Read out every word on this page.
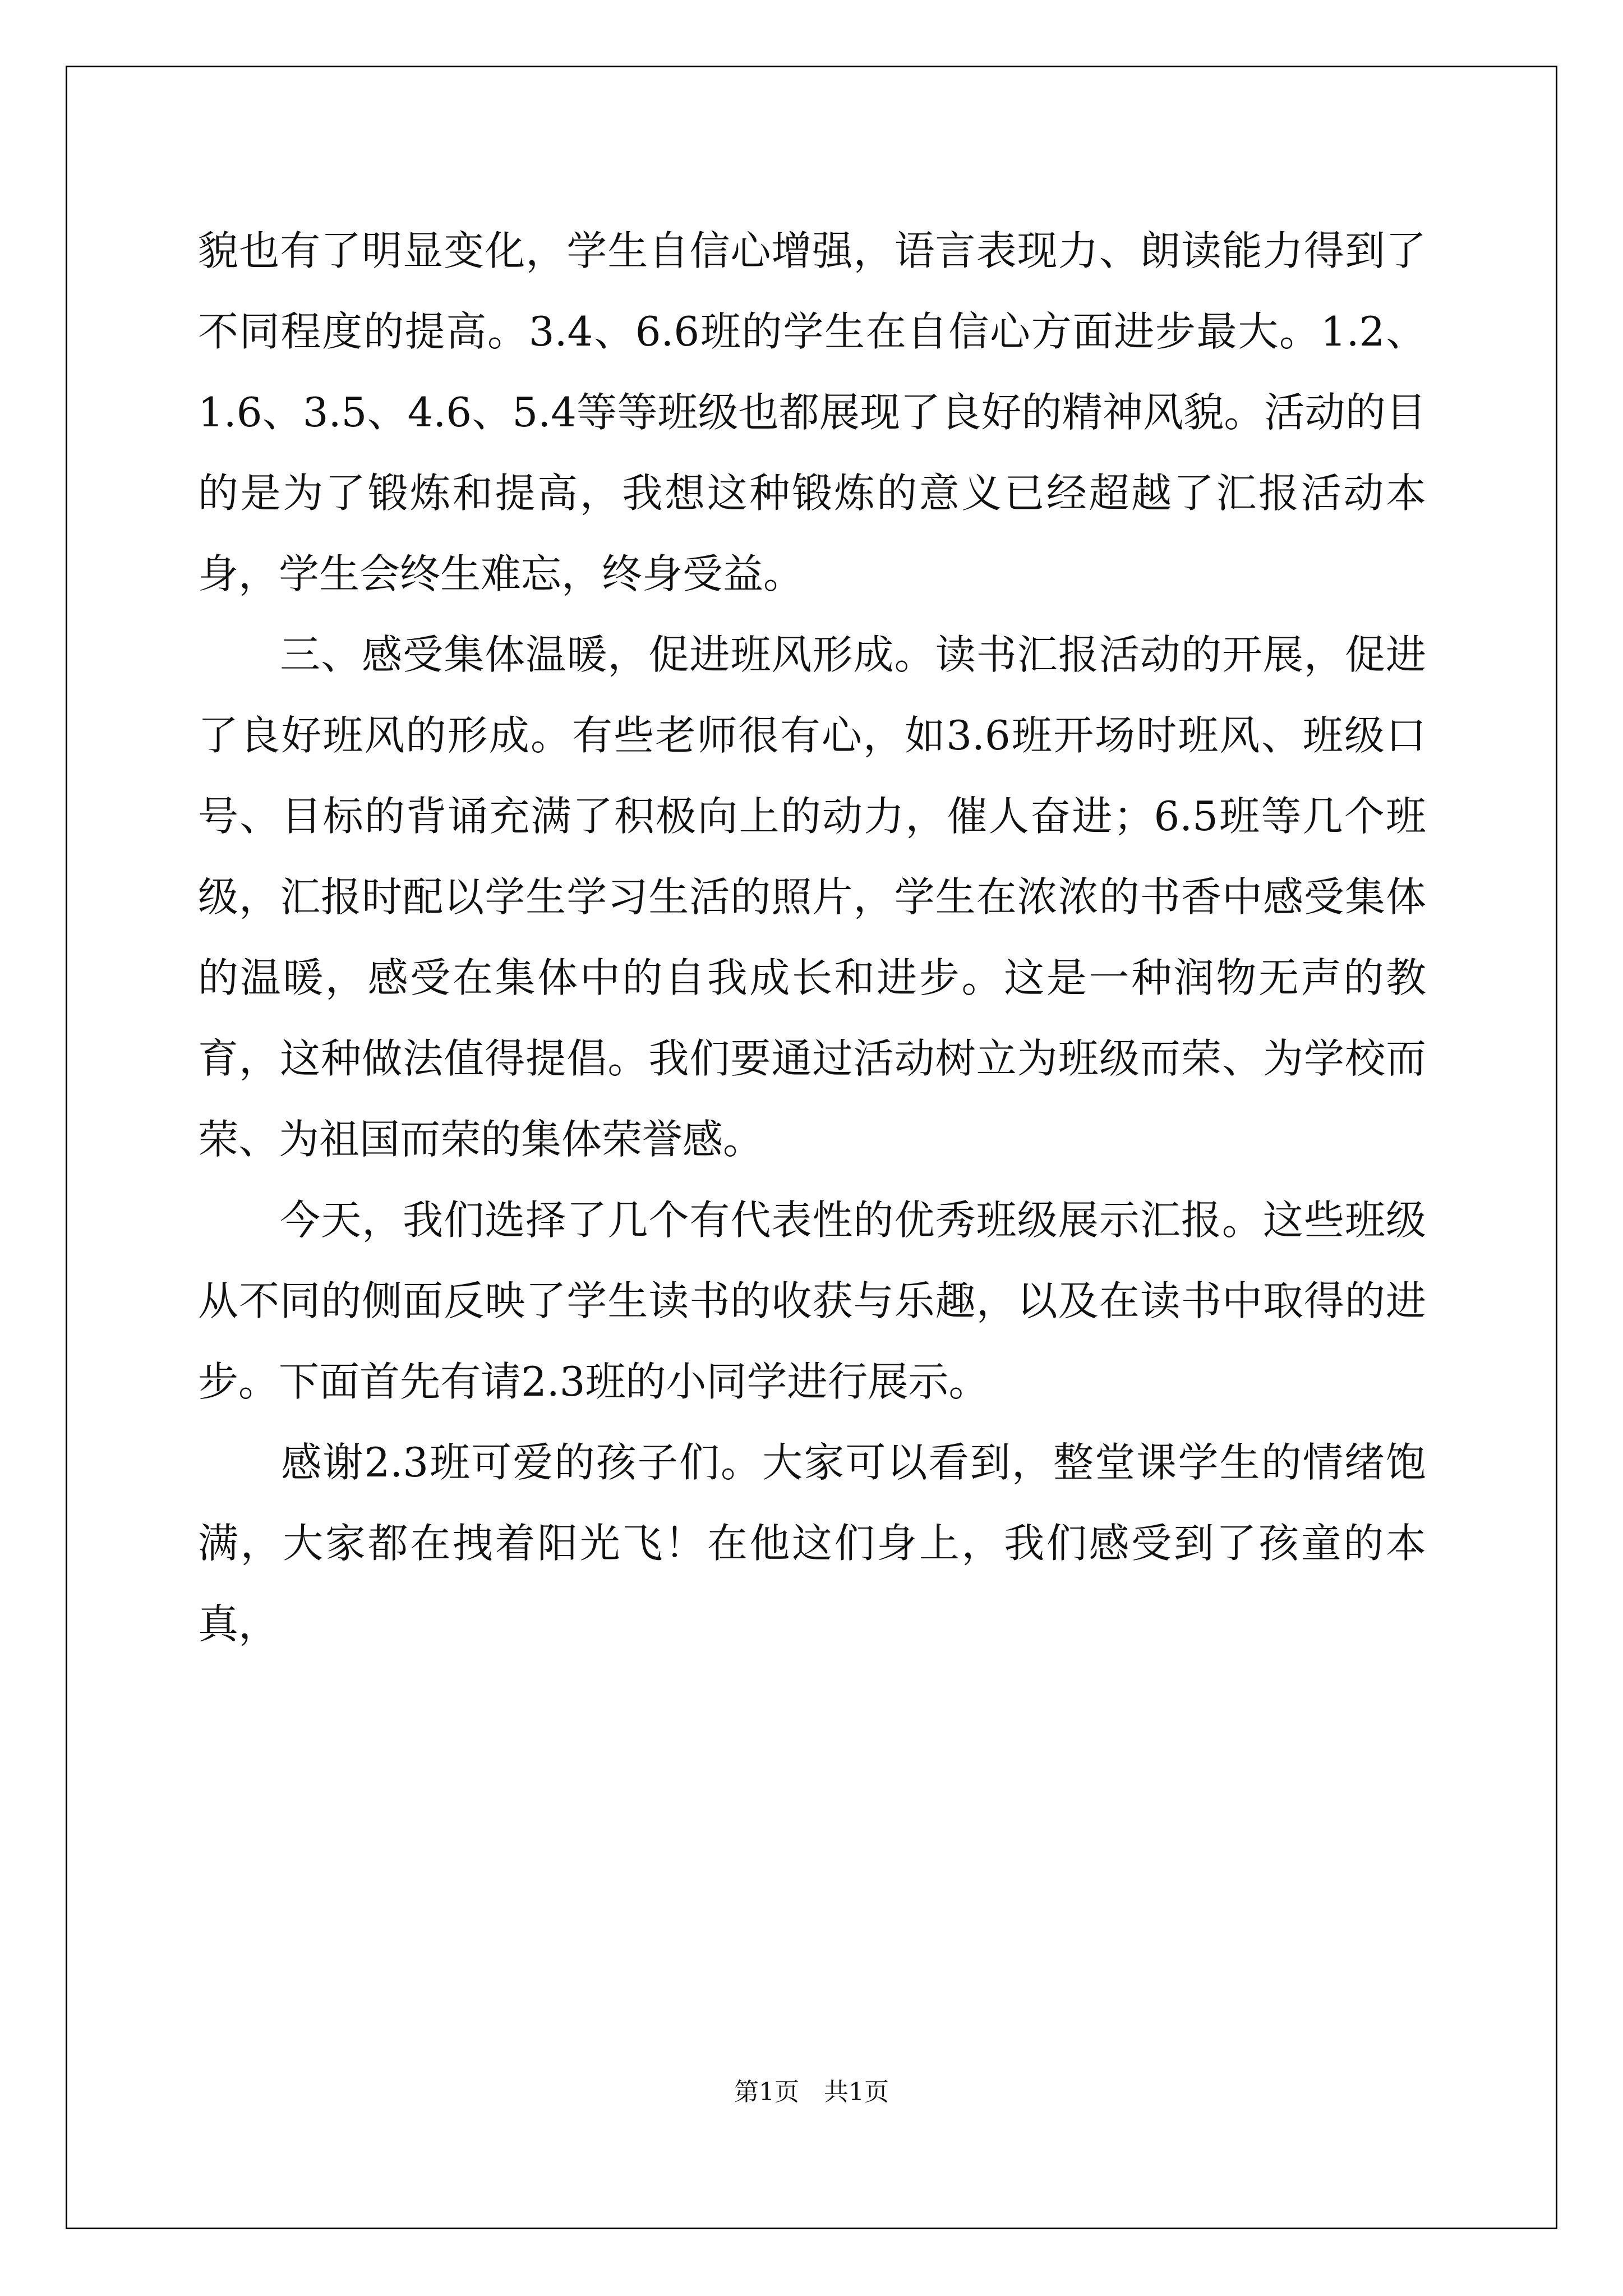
貌也有了明显变化，学生自信心增强，语言表现力、朗读能力得到了不同程度的提高。3.4、6.6班的学生在自信心方面进步最大。1.2、1.6、3.5、4.6、5.4等等班级也都展现了良好的精神风貌。活动的目的是为了锻炼和提高，我想这种锻炼的意义已经超越了汇报活动本身，学生会终生难忘，终身受益。

　　三、感受集体温暖，促进班风形成。读书汇报活动的开展，促进了良好班风的形成。有些老师很有心，如3.6班开场时班风、班级口号、目标的背诵充满了积极向上的动力，催人奋进；6.5班等几个班级，汇报时配以学生学习生活的照片，学生在浓浓的书香中感受集体的温暖，感受在集体中的自我成长和进步。这是一种润物无声的教育，这种做法值得提倡。我们要通过活动树立为班级而荣、为学校而荣、为祖国而荣的集体荣誉感。

　　今天，我们选择了几个有代表性的优秀班级展示汇报。这些班级从不同的侧面反映了学生读书的收获与乐趣，以及在读书中取得的进步。下面首先有请2.3班的小同学进行展示。

　　感谢2.3班可爱的孩子们。大家可以看到，整堂课学生的情绪饱满，大家都在拽着阳光飞！在他这们身上，我们感受到了孩童的本真，

第1页 共1页
